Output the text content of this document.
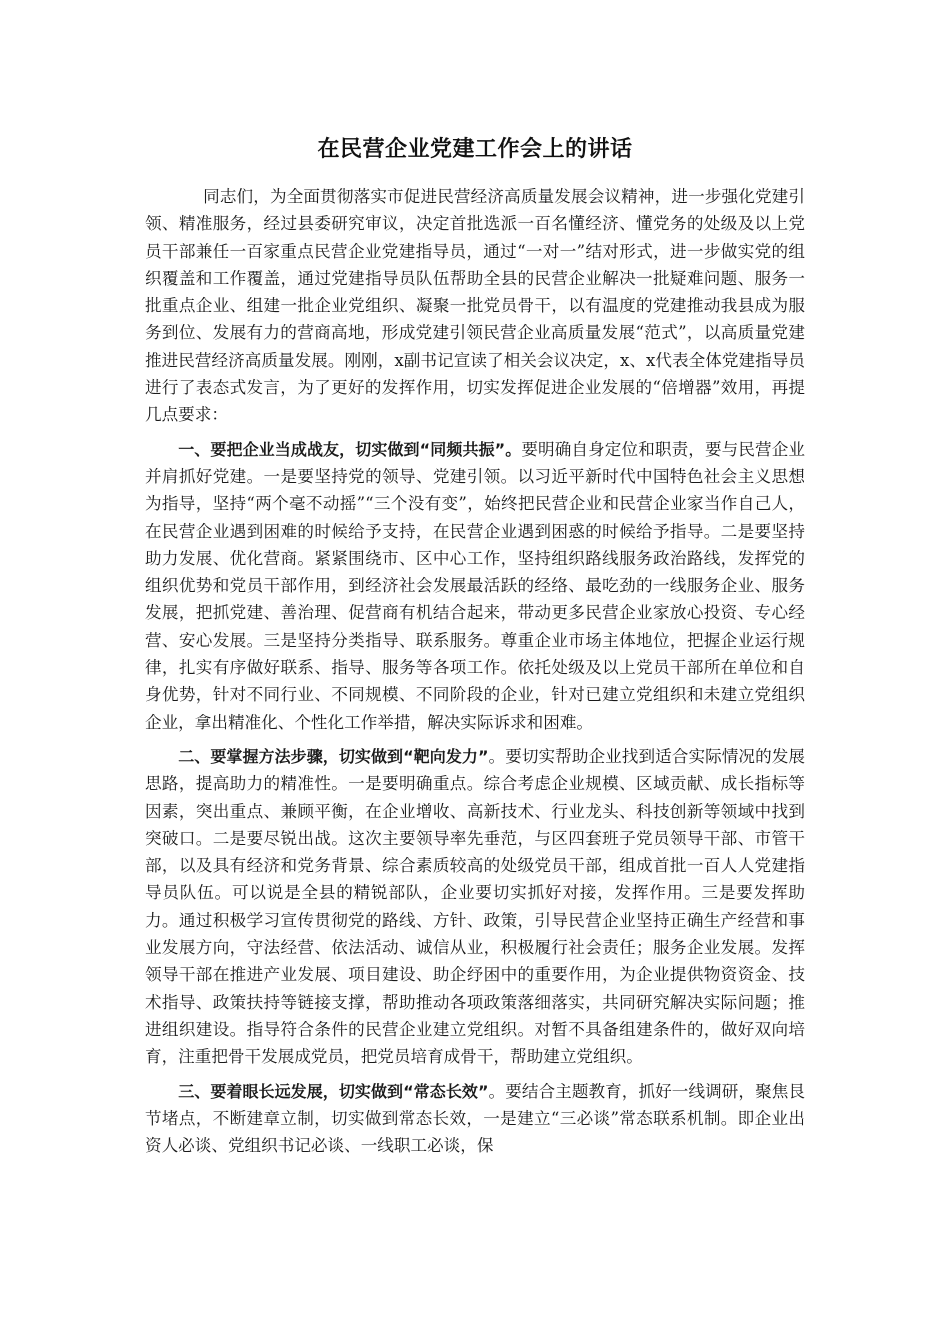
在民营企业党建工作会上的讲话

同志们，为全面贯彻落实市促进民营经济高质量发展会议精神，进一步强化党建引领、精准服务，经过县委研究审议，决定首批选派一百名懂经济、懂党务的处级及以上党员干部兼任一百家重点民营企业党建指导员，通过“一对一”结对形式，进一步做实党的组织覆盖和工作覆盖，通过党建指导员队伍帮助全县的民营企业解决一批疑难问题、服务一批重点企业、组建一批企业党组织、凝聚一批党员骨干，以有温度的党建推动我县成为服务到位、发展有力的营商高地，形成党建引领民营企业高质量发展“范式”，以高质量党建推进民营经济高质量发展。刚刚，x副书记宣读了相关会议决定，x、x代表全体党建指导员进行了表态式发言，为了更好的发挥作用，切实发挥促进企业发展的“倍增器”效用，再提几点要求：

一、要把企业当成战友，切实做到“同频共振”。要明确自身定位和职责，要与民营企业并肩抓好党建。一是要坚持党的领导、党建引领。以习近平新时代中国特色社会主义思想为指导，坚持“两个毫不动摇”“三个没有变”，始终把民营企业和民营企业家当作自己人，在民营企业遇到困难的时候给予支持，在民营企业遇到困惑的时候给予指导。二是要坚持助力发展、优化营商。紧紧围绕市、区中心工作，坚持组织路线服务政治路线，发挥党的组织优势和党员干部作用，到经济社会发展最活跃的经络、最吃劲的一线服务企业、服务发展，把抓党建、善治理、促营商有机结合起来，带动更多民营企业家放心投资、专心经营、安心发展。三是坚持分类指导、联系服务。尊重企业市场主体地位，把握企业运行规律，扎实有序做好联系、指导、服务等各项工作。依托处级及以上党员干部所在单位和自身优势，针对不同行业、不同规模、不同阶段的企业，针对已建立党组织和未建立党组织企业，拿出精准化、个性化工作举措，解决实际诉求和困难。

二、要掌握方法步骤，切实做到“靶向发力”。要切实帮助企业找到适合实际情况的发展思路，提高助力的精准性。一是要明确重点。综合考虑企业规模、区域贡献、成长指标等因素，突出重点、兼顾平衡，在企业增收、高新技术、行业龙头、科技创新等领域中找到突破口。二是要尽锐出战。这次主要领导率先垂范，与区四套班子党员领导干部、市管干部，以及具有经济和党务背景、综合素质较高的处级党员干部，组成首批一百人人党建指导员队伍。可以说是全县的精锐部队，企业要切实抓好对接，发挥作用。三是要发挥助力。通过积极学习宣传贯彻党的路线、方针、政策，引导民营企业坚持正确生产经营和事业发展方向，守法经营、依法活动、诚信从业，积极履行社会责任；服务企业发展。发挥领导干部在推进产业发展、项目建设、助企纾困中的重要作用，为企业提供物资资金、技术指导、政策扶持等链接支撑，帮助推动各项政策落细落实，共同研究解决实际问题；推进组织建设。指导符合条件的民营企业建立党组织。对暂不具备组建条件的，做好双向培育，注重把骨干发展成党员，把党员培育成骨干，帮助建立党组织。

三、要着眼长远发展，切实做到“常态长效”。要结合主题教育，抓好一线调研，聚焦艮节堵点，不断建章立制，切实做到常态长效，一是建立“三必谈”常态联系机制。即企业出资人必谈、党组织书记必谈、一线职工必谈，保
